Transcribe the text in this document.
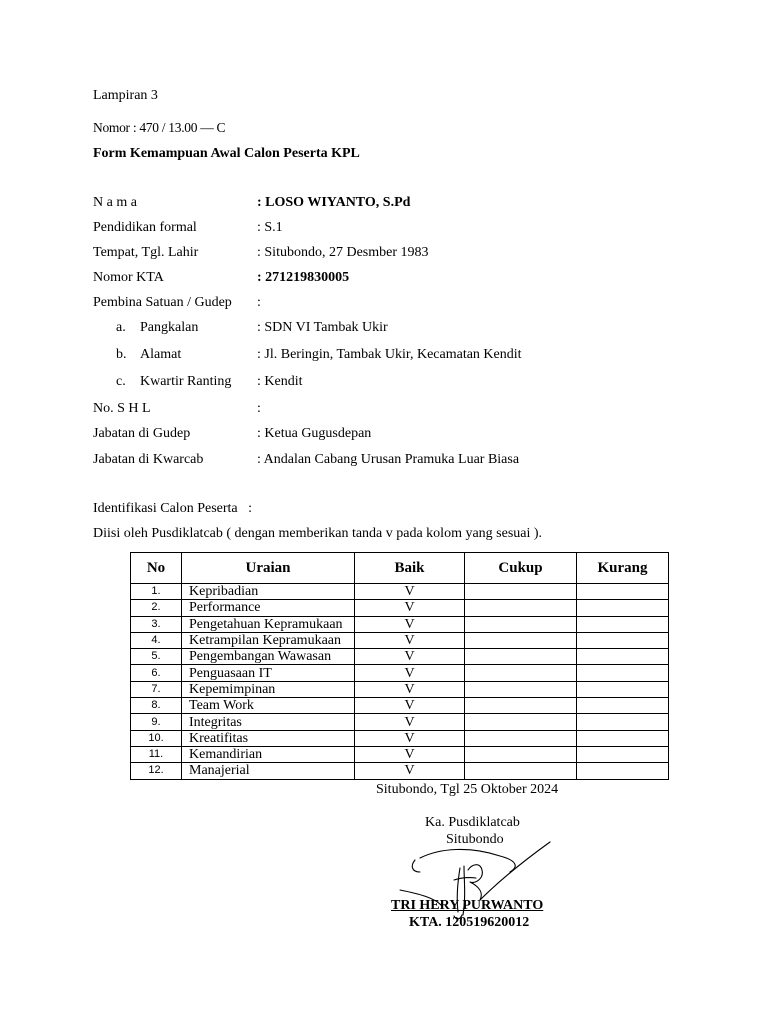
Lampiran 3
Nomor : 470 / 13.00 — C
Form Kemampuan Awal Calon Peserta KPL
N a m a	: LOSO WIYANTO, S.Pd
Pendidikan formal	: S.1
Tempat, Tgl. Lahir	: Situbondo, 27 Desmber 1983
Nomor KTA	: 271219830005
Pembina Satuan / Gudep :
a. Pangkalan	: SDN VI Tambak Ukir
b. Alamat	: Jl. Beringin, Tambak Ukir, Kecamatan Kendit
c. Kwartir Ranting : Kendit
No. S H L	:
Jabatan di Gudep	: Ketua Gugusdepan
Jabatan di Kwarcab	: Andalan Cabang Urusan Pramuka Luar Biasa
Identifikasi Calon Peserta   :
Diisi oleh Pusdiklatcab ( dengan memberikan tanda v pada kolom yang sesuai ).
No	Uraian	Baik	Cukup	Kurang
1.	Kepribadian	V		
2.	Performance	V		
3.	Pengetahuan Kepramukaan	V		
4.	Ketrampilan Kepramukaan	V		
5.	Pengembangan Wawasan	V		
6.	Penguasaan IT	V		
7.	Kepemimpinan	V		
8.	Team Work	V		
9.	Integritas	V		
10.	Kreatifitas	V		
11.	Kemandirian	V		
12.	Manajerial	V		
Situbondo, Tgl 25 Oktober 2024
Ka. Pusdiklatcab
Situbondo
TRI HERY PURWANTO
KTA. 120519620012
